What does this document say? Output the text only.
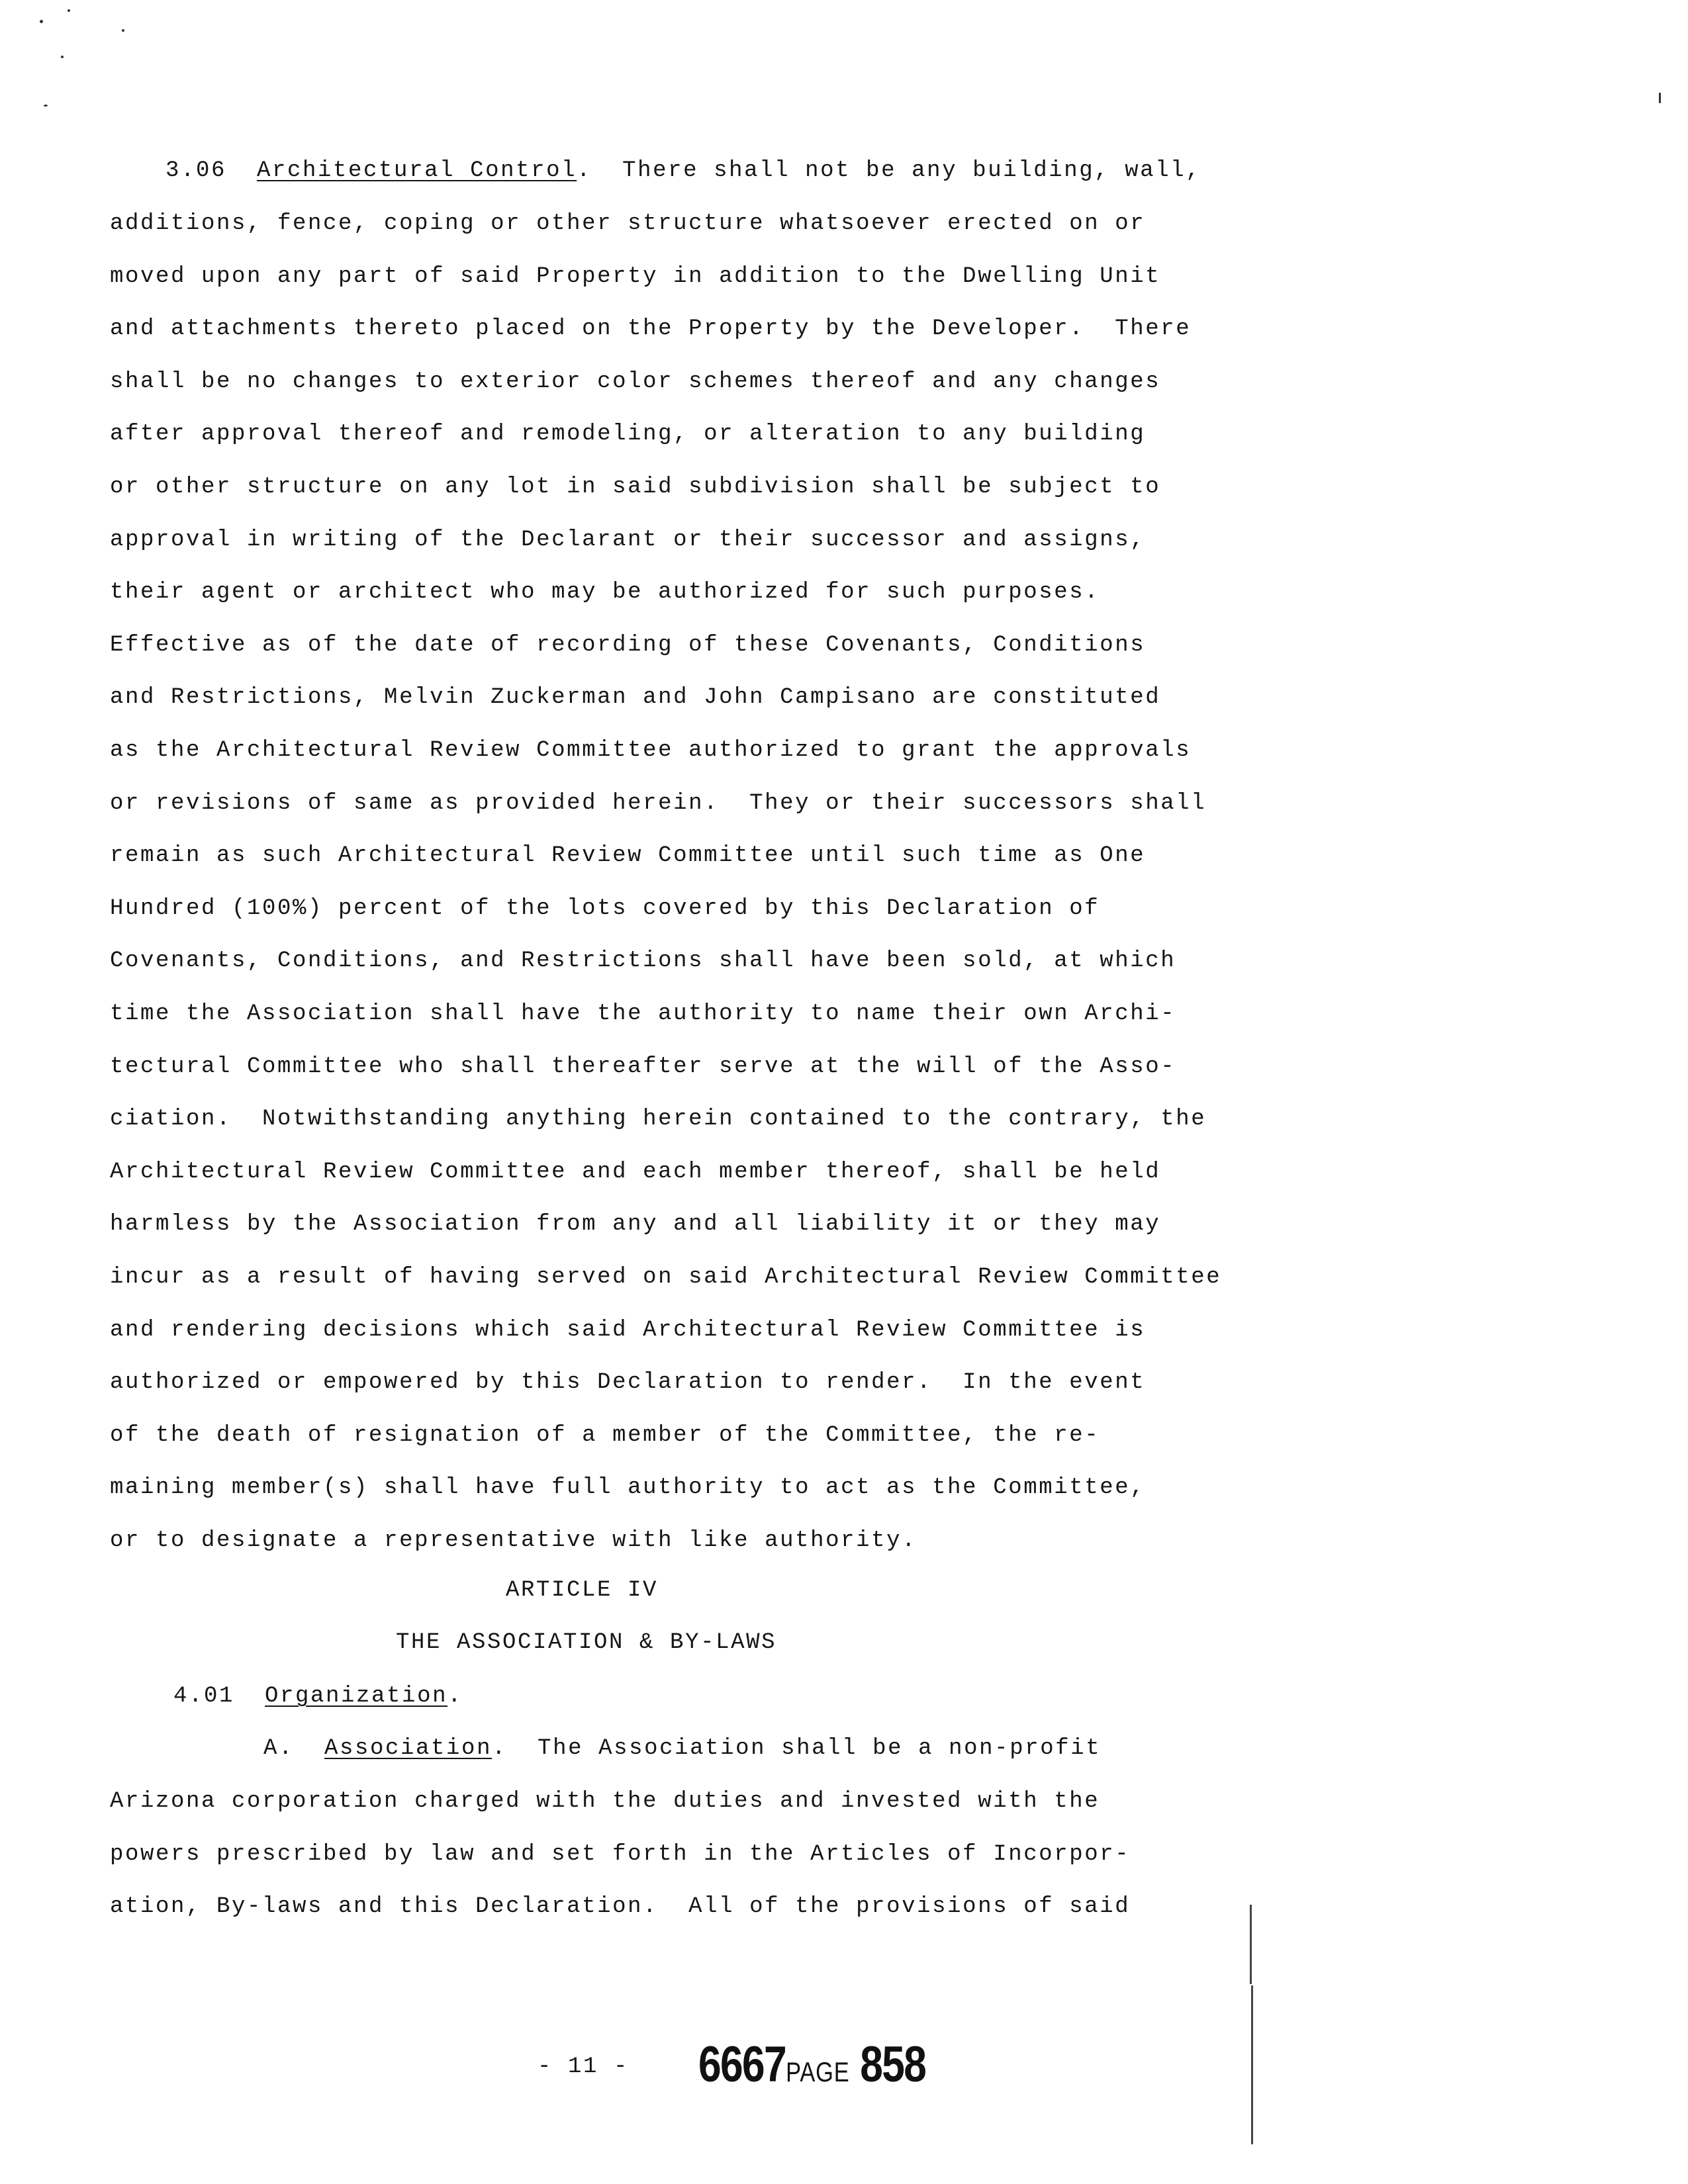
3.06 Architectural Control.  There shall not be any building, wall,
additions, fence, coping or other structure whatsoever erected on or
moved upon any part of said Property in addition to the Dwelling Unit
and attachments thereto placed on the Property by the Developer.  There
shall be no changes to exterior color schemes thereof and any changes
after approval thereof and remodeling, or alteration to any building
or other structure on any lot in said subdivision shall be subject to
approval in writing of the Declarant or their successor and assigns,
their agent or architect who may be authorized for such purposes.
Effective as of the date of recording of these Covenants, Conditions
and Restrictions, Melvin Zuckerman and John Campisano are constituted
as the Architectural Review Committee authorized to grant the approvals
or revisions of same as provided herein.  They or their successors shall
remain as such Architectural Review Committee until such time as One
Hundred (100%) percent of the lots covered by this Declaration of
Covenants, Conditions, and Restrictions shall have been sold, at which
time the Association shall have the authority to name their own Archi-
tectural Committee who shall thereafter serve at the will of the Asso-
ciation.  Notwithstanding anything herein contained to the contrary, the
Architectural Review Committee and each member thereof, shall be held
harmless by the Association from any and all liability it or they may
incur as a result of having served on said Architectural Review Committee
and rendering decisions which said Architectural Review Committee is
authorized or empowered by this Declaration to render.  In the event
of the death of resignation of a member of the Committee, the re-
maining member(s) shall have full authority to act as the Committee,
or to designate a representative with like authority.
ARTICLE IV
THE ASSOCIATION & BY-LAWS
4.01 Organization.
A. Association.  The Association shall be a non-profit
Arizona corporation charged with the duties and invested with the
powers prescribed by law and set forth in the Articles of Incorpor-
ation, By-laws and this Declaration.  All of the provisions of said
- 11 - 6667PAGE 858
